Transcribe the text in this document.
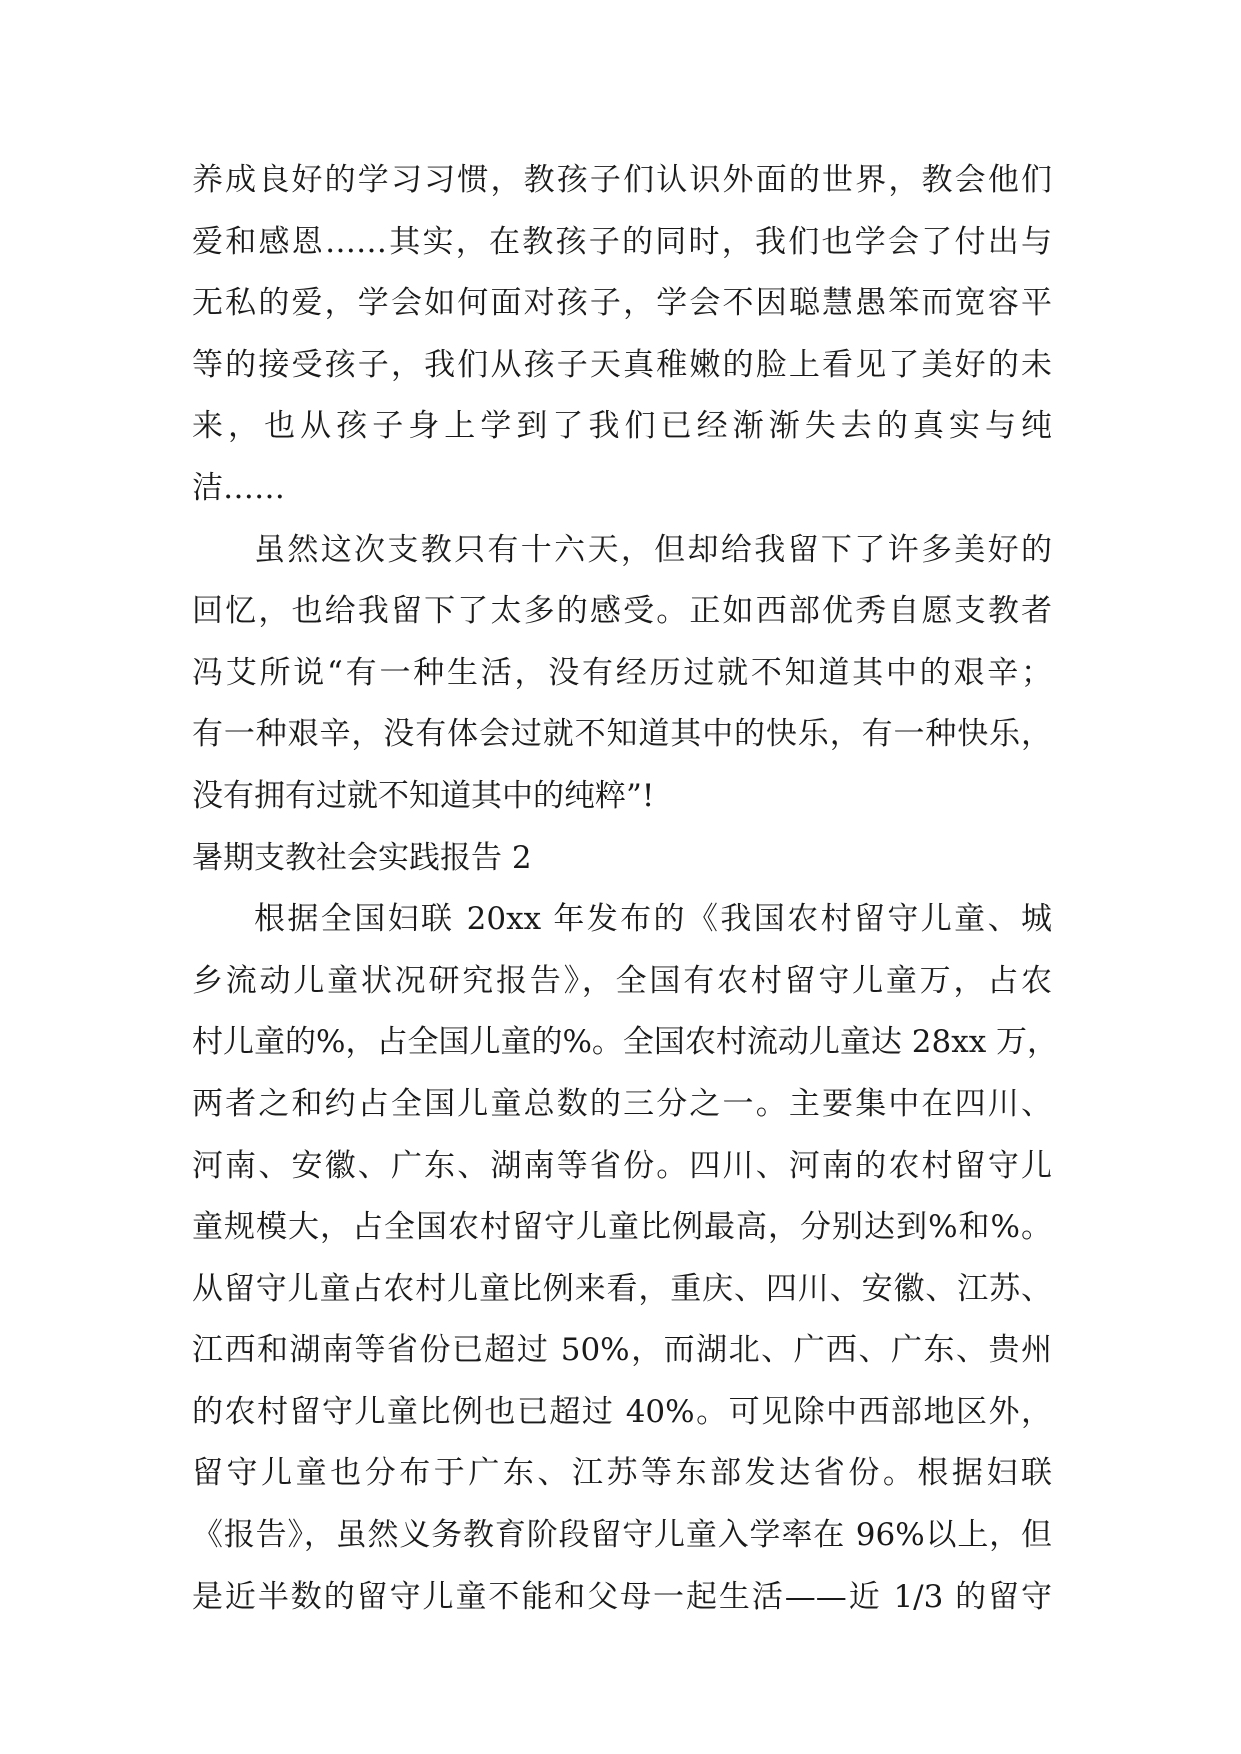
养成良好的学习习惯，教孩子们认识外面的世界，教会他们
爱和感恩……其实，在教孩子的同时，我们也学会了付出与
无私的爱，学会如何面对孩子，学会不因聪慧愚笨而宽容平
等的接受孩子，我们从孩子天真稚嫩的脸上看见了美好的未
来，也从孩子身上学到了我们已经渐渐失去的真实与纯
洁……
虽然这次支教只有十六天，但却给我留下了许多美好的
回忆，也给我留下了太多的感受。正如西部优秀自愿支教者
冯艾所说“有一种生活，没有经历过就不知道其中的艰辛；
有一种艰辛，没有体会过就不知道其中的快乐，有一种快乐，
没有拥有过就不知道其中的纯粹”!
暑期支教社会实践报告 2
根据全国妇联 20xx 年发布的《我国农村留守儿童、城
乡流动儿童状况研究报告》，全国有农村留守儿童万，占农
村儿童的%，占全国儿童的%。全国农村流动儿童达 28xx 万，
两者之和约占全国儿童总数的三分之一。主要集中在四川、
河南、安徽、广东、湖南等省份。四川、河南的农村留守儿
童规模大，占全国农村留守儿童比例最高，分别达到%和%。
从留守儿童占农村儿童比例来看，重庆、四川、安徽、江苏、
江西和湖南等省份已超过 50%，而湖北、广西、广东、贵州
的农村留守儿童比例也已超过 40%。可见除中西部地区外，
留守儿童也分布于广东、江苏等东部发达省份。根据妇联
《报告》，虽然义务教育阶段留守儿童入学率在 96%以上，但
是近半数的留守儿童不能和父母一起生活——近 1/3 的留守
